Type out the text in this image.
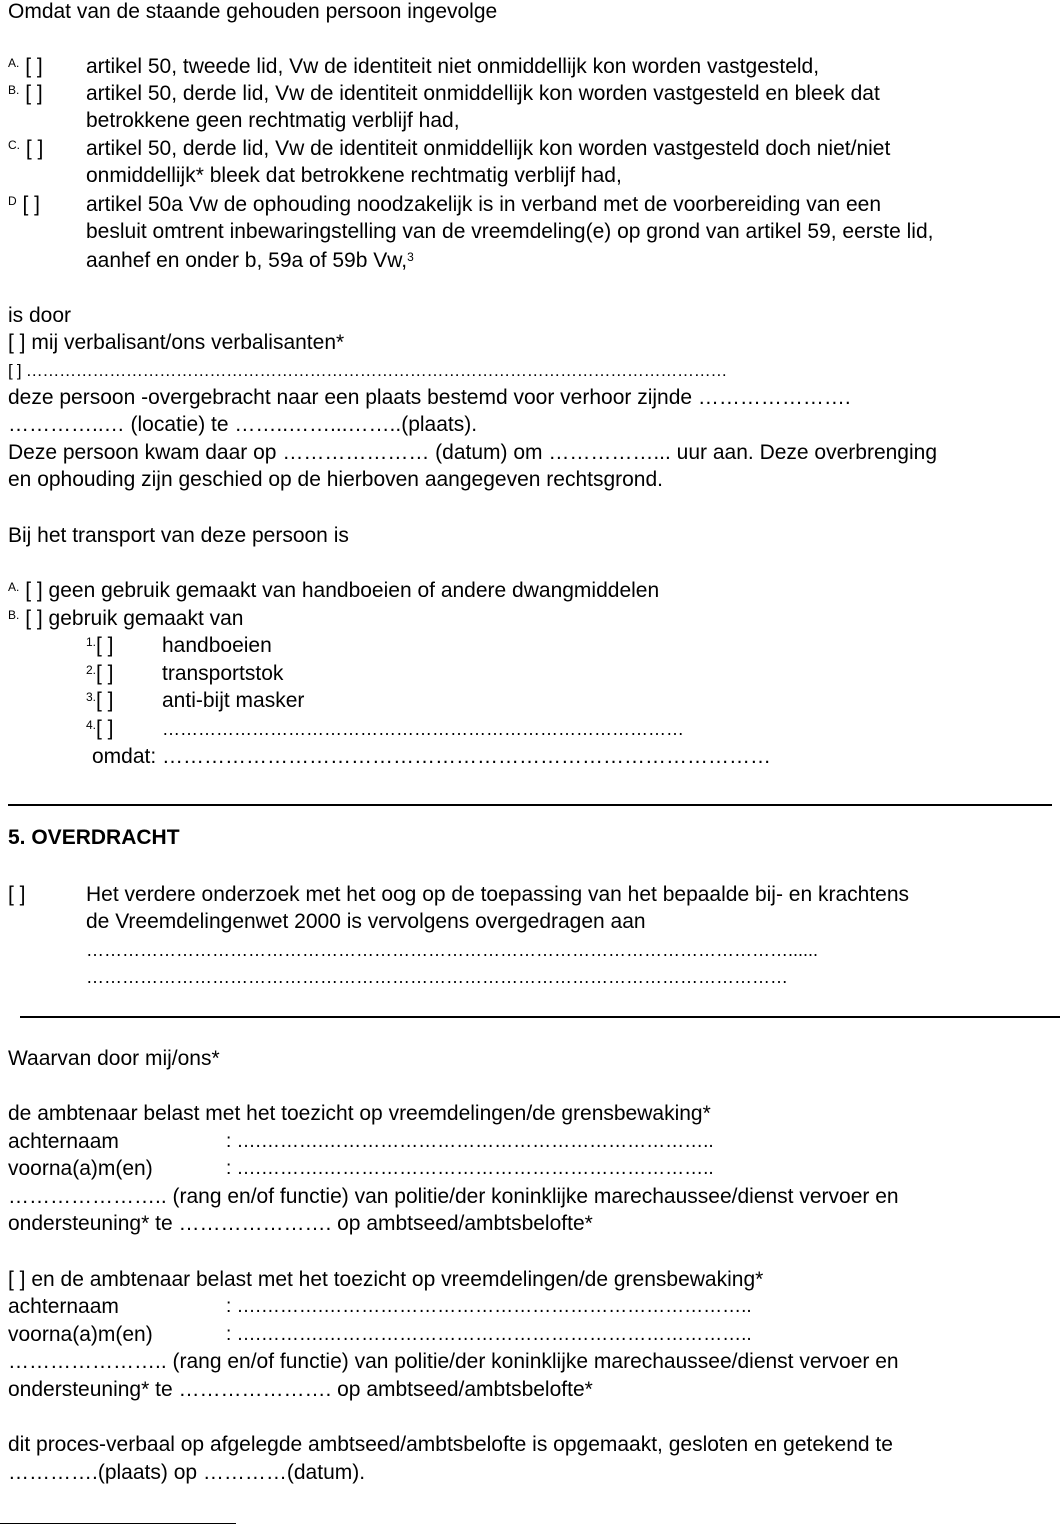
Omdat van de staande gehouden persoon ingevolge
$^{A.}$ [ ] artikel 50, tweede lid, Vw de identiteit niet onmiddellijk kon worden vastgesteld,
$^{B.}$ [ ] artikel 50, derde lid, Vw de identiteit onmiddellijk kon worden vastgesteld en bleek dat
betrokkene geen rechtmatig verblijf had,
$^{C.}$ [ ] artikel 50, derde lid, Vw de identiteit onmiddellijk kon worden vastgesteld doch niet/niet
onmiddellijk* bleek dat betrokkene rechtmatig verblijf had,
$^D$ [ ] artikel 50a Vw de ophouding noodzakelijk is in verband met de voorbereiding van een
besluit omtrent inbewaringstelling van de vreemdeling(e) op grond van artikel 59, eerste lid,
aanhef en onder b, 59a of 59b Vw,$^3$
is door
[ ] mij verbalisant/ons verbalisanten*
[ ] ………………………………………………………………………………………………………………
deze persoon -overgebracht naar een plaats bestemd voor verhoor zijnde ………………….
…………..… (locatie) te ……..……...……..(plaats).
Deze persoon kwam daar op ………………… (datum) om ……………... uur aan. Deze overbrenging
en ophouding zijn geschied op de hierboven aangegeven rechtsgrond.
Bij het transport van deze persoon is
$^{A.}$ [ ] geen gebruik gemaakt van handboeien of andere dwangmiddelen
$^{B.}$ [ ] gebruik gemaakt van
$^{1.}$[ ] handboeien
$^{2.}$[ ] transportstok
$^{3.}$[ ] anti-bijt masker
$^{4.}$[ ]	……………………………………………………………………………
omdat: ……………………………………………………………………………
5. OVERDRACHT
[ ]	Het verdere onderzoek met het oog op de toepassing van het bepaalde bij- en krachtens
de Vreemdelingenwet 2000 is vervolgens overgedragen aan
………………………………………………………………………………………………………......
………………………………………………………………………………………………………
Waarvan door mij/ons*
de ambtenaar belast met het toezicht op vreemdelingen/de grensbewaking*
achternaam	: ….……….……………………………………………………..
voorna(a)m(en)	: ….……….……………………………………………………..
………………….. (rang en/of functie) van politie/der koninklijke marechaussee/dienst vervoer en
ondersteuning* te …………………. op ambtseed/ambtsbelofte*
[ ] en de ambtenaar belast met het toezicht op vreemdelingen/de grensbewaking*
achternaam	: ….……….…………………………………………………………..
voorna(a)m(en)	: ….……….…………………………………………………………..
………………….. (rang en/of functie) van politie/der koninklijke marechaussee/dienst vervoer en
ondersteuning* te …………………. op ambtseed/ambtsbelofte*
dit proces-verbaal op afgelegde ambtseed/ambtsbelofte is opgemaakt, gesloten en getekend te
………….(plaats) op …………(datum).
